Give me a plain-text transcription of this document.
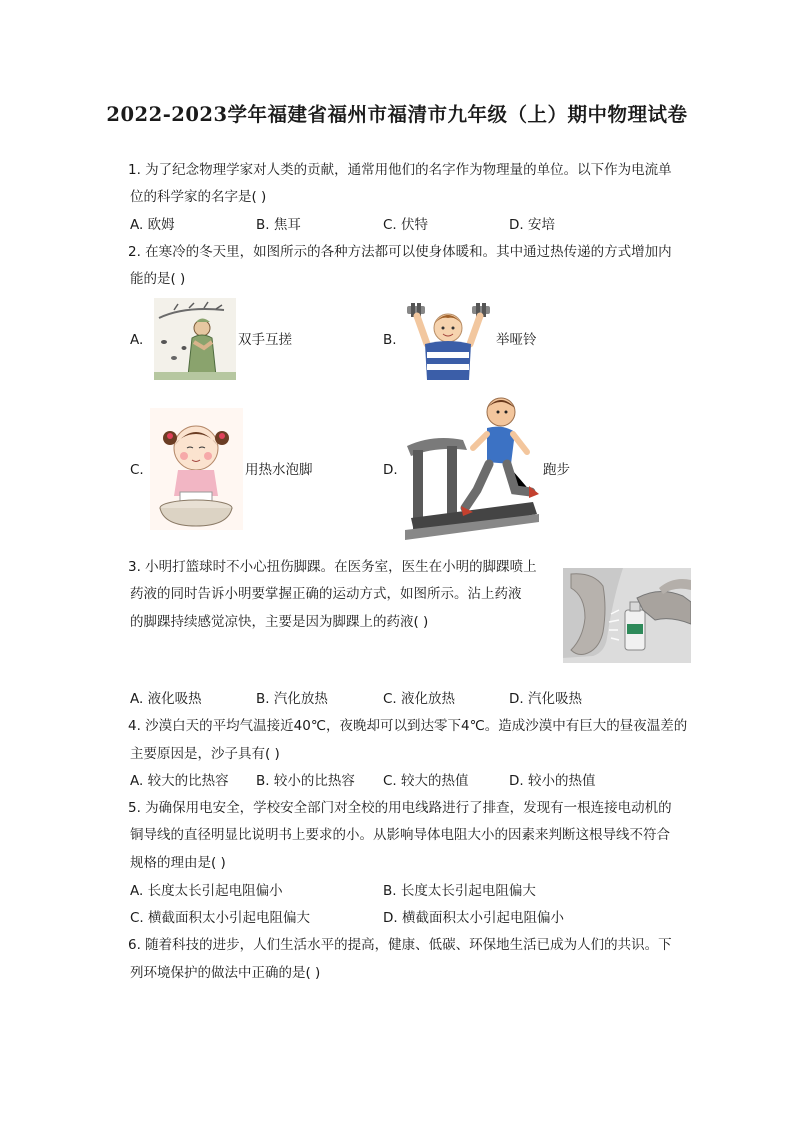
2022-2023学年福建省福州市福清市九年级（上）期中物理试卷
1. 为了纪念物理学家对人类的贡献，通常用他们的名字作为物理量的单位。以下作为电流单
位的科学家的名字是( )
A. 欧姆	B. 焦耳	C. 伏特	D. 安培
2. 在寒冷的冬天里，如图所示的各种方法都可以使身体暖和。其中通过热传递的方式增加内
能的是( )
A.	双手互搓	B.	举哑铃
C.	用热水泡脚	D.	跑步
3. 小明打篮球时不小心扭伤脚踝。在医务室，医生在小明的脚踝喷上
药液的同时告诉小明要掌握正确的运动方式，如图所示。沾上药液
的脚踝持续感觉凉快，主要是因为脚踝上的药液( )
A. 液化吸热	B. 汽化放热	C. 液化放热	D. 汽化吸热
4. 沙漠白天的平均气温接近40℃，夜晚却可以到达零下4℃。造成沙漠中有巨大的昼夜温差的
主要原因是，沙子具有( )
A. 较大的比热容 B. 较小的比热容 C. 较大的热值	D. 较小的热值
5. 为确保用电安全，学校安全部门对全校的用电线路进行了排查，发现有一根连接电动机的
铜导线的直径明显比说明书上要求的小。从影响导体电阻大小的因素来判断这根导线不符合
规格的理由是( )
A. 长度太长引起电阻偏小	B. 长度太长引起电阻偏大
C. 横截面积太小引起电阻偏大	D. 横截面积太小引起电阻偏小
6. 随着科技的进步，人们生活水平的提高，健康、低碳、环保地生活已成为人们的共识。下
列环境保护的做法中正确的是( )
